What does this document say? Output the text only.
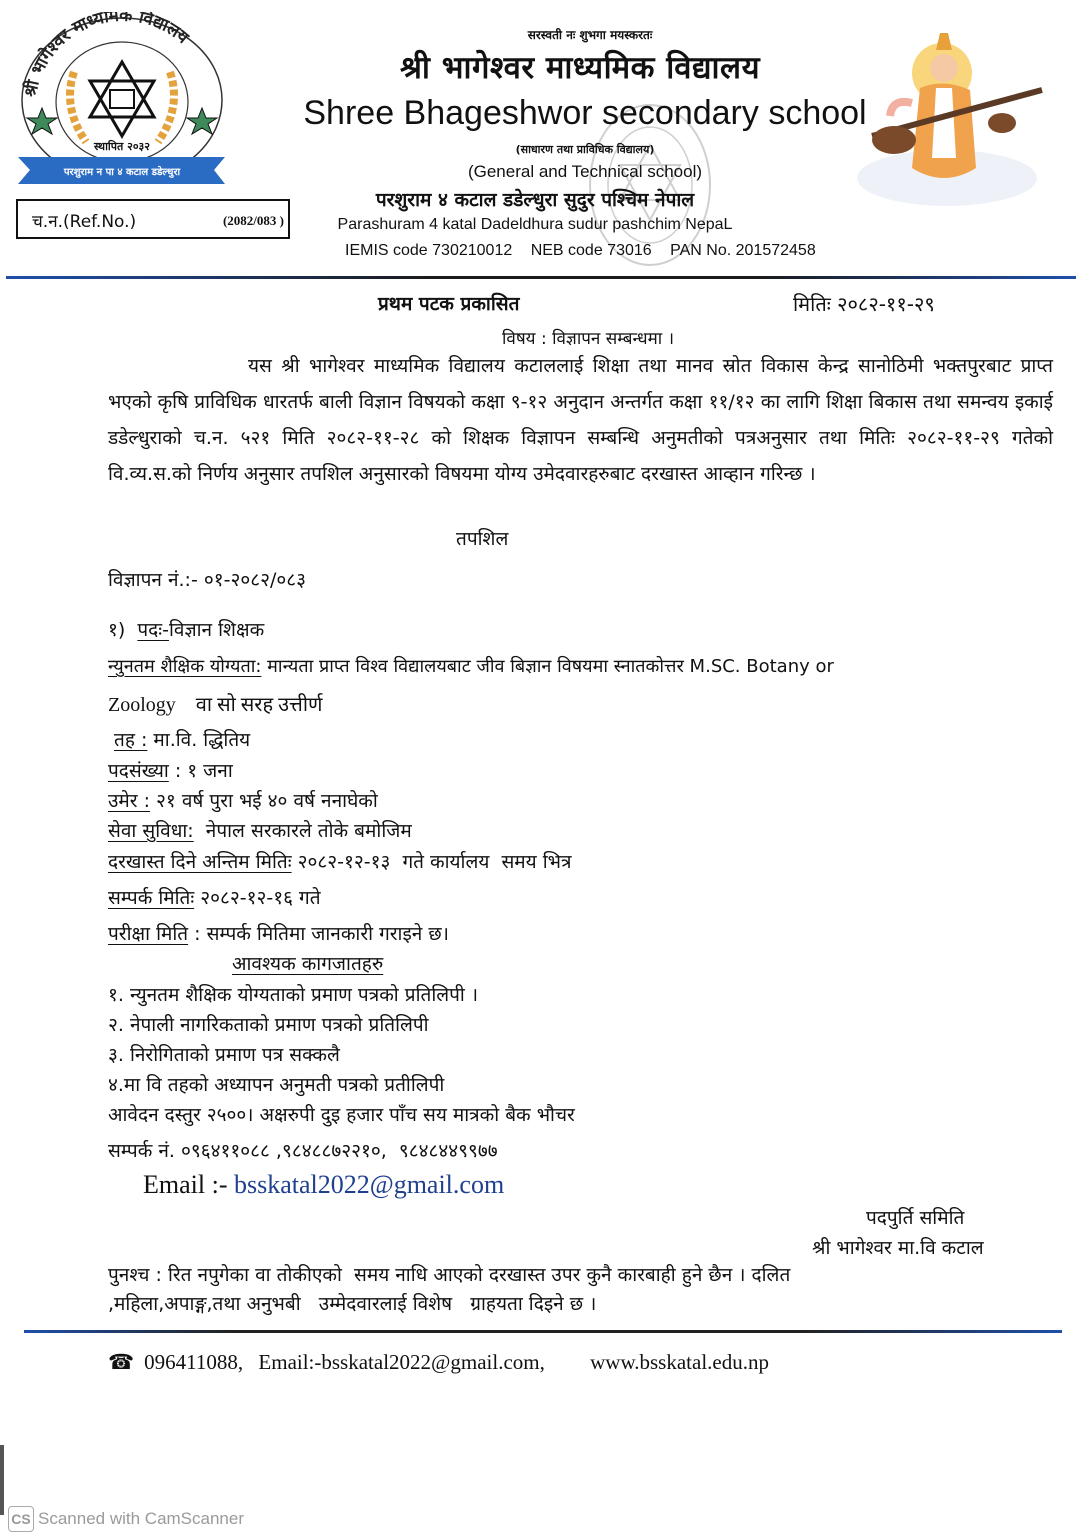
श्री भागेश्वर माध्यमिक विद्यालय
स्थापित २०३२
परशुराम न पा ४ कटाल डडेल्धुरा
च.न.(Ref.No.)	(2082/083 )
सरस्वती नः शुभगा मयस्करतः
श्री भागेश्वर माध्यमिक विद्यालय
Shree Bhageshwor secondary school
(साधारण तथा प्राविधिक विद्यालय)
(General and Technical school)
परशुराम ४ कटाल डडेल्धुरा सुदुर पश्चिम नेपाल
Parashuram 4 katal Dadeldhura sudur pashchim NepaL
IEMIS code 730210012 NEB code 73016 PAN No. 201572458
प्रथम पटक प्रकासित	मितिः २०८२-११-२९
विषय : विज्ञापन सम्बन्धमा ।
यस श्री भागेश्वर माध्यमिक विद्यालय कटाललाई शिक्षा तथा मानव स्रोत विकास केन्द्र सानोठिमी भक्तपुरबाट प्राप्त भएको कृषि प्राविधिक धारतर्फ बाली विज्ञान विषयको कक्षा ९-१२ अनुदान अन्तर्गत कक्षा ११/१२ का लागि शिक्षा बिकास तथा समन्वय इकाई डडेल्धुराको च.न. ५२१ मिति २०८२-११-२८ को शिक्षक विज्ञापन सम्बन्धि अनुमतीको पत्रअनुसार तथा मितिः २०८२-११-२९ गतेको वि.व्य.स.को निर्णय अनुसार तपशिल अनुसारको विषयमा योग्य उमेदवारहरुबाट दरखास्त आव्हान गरिन्छ ।
तपशिल
विज्ञापन नं.:- ०१-२०८२/०८३
१) पदः-विज्ञान शिक्षक
न्युनतम शैक्षिक योग्यता: मान्यता प्राप्त विश्व विद्यालयबाट जीव बिज्ञान विषयमा स्नातकोत्तर M.SC. Botany or
Zoology    वा सो सरह उत्तीर्ण
तह : मा.वि. द्धितिय
पदसंख्या : १ जना
उमेर : २१ वर्ष पुरा भई ४० वर्ष ननाघेको
सेवा सुविधा:  नेपाल सरकारले तोके बमोजिम
दरखास्त दिने अन्तिम मितिः २०८२-१२-१३  गते कार्यालय  समय भित्र
सम्पर्क मितिः २०८२-१२-१६ गते
परीक्षा मिति : सम्पर्क मितिमा जानकारी गराइने छ।
आवश्यक कागजातहरु
१. न्युनतम शैक्षिक योग्यताको प्रमाण पत्रको प्रतिलिपी ।
२. नेपाली नागरिकताको प्रमाण पत्रको प्रतिलिपी
३. निरोगिताको प्रमाण पत्र सक्कलै
४.मा वि तहको अध्यापन अनुमती पत्रको प्रतीलिपी
आवेदन दस्तुर २५००। अक्षरुपी दुइ हजार पाँच सय मात्रको बैक भौचर
सम्पर्क नं. ०९६४११०८८ ,९८४८८७२२१०,  ९८४८४४९९७७
Email :- bsskatal2022@gmail.com
पदपुर्ति समिति
श्री भागेश्वर मा.वि कटाल
पुनश्च : रित नपुगेका वा तोकीएको  समय नाधि आएको दरखास्त उपर कुनै कारबाही हुने छैन । दलित
,महिला,अपाङ्ग,तथा अनुभबी   उम्मेदवारलाई विशेष   ग्राहयता दिइने छ ।
☎ 096411088, Email:-bsskatal2022@gmail.com, www.bsskatal.edu.np
CS Scanned with CamScanner
